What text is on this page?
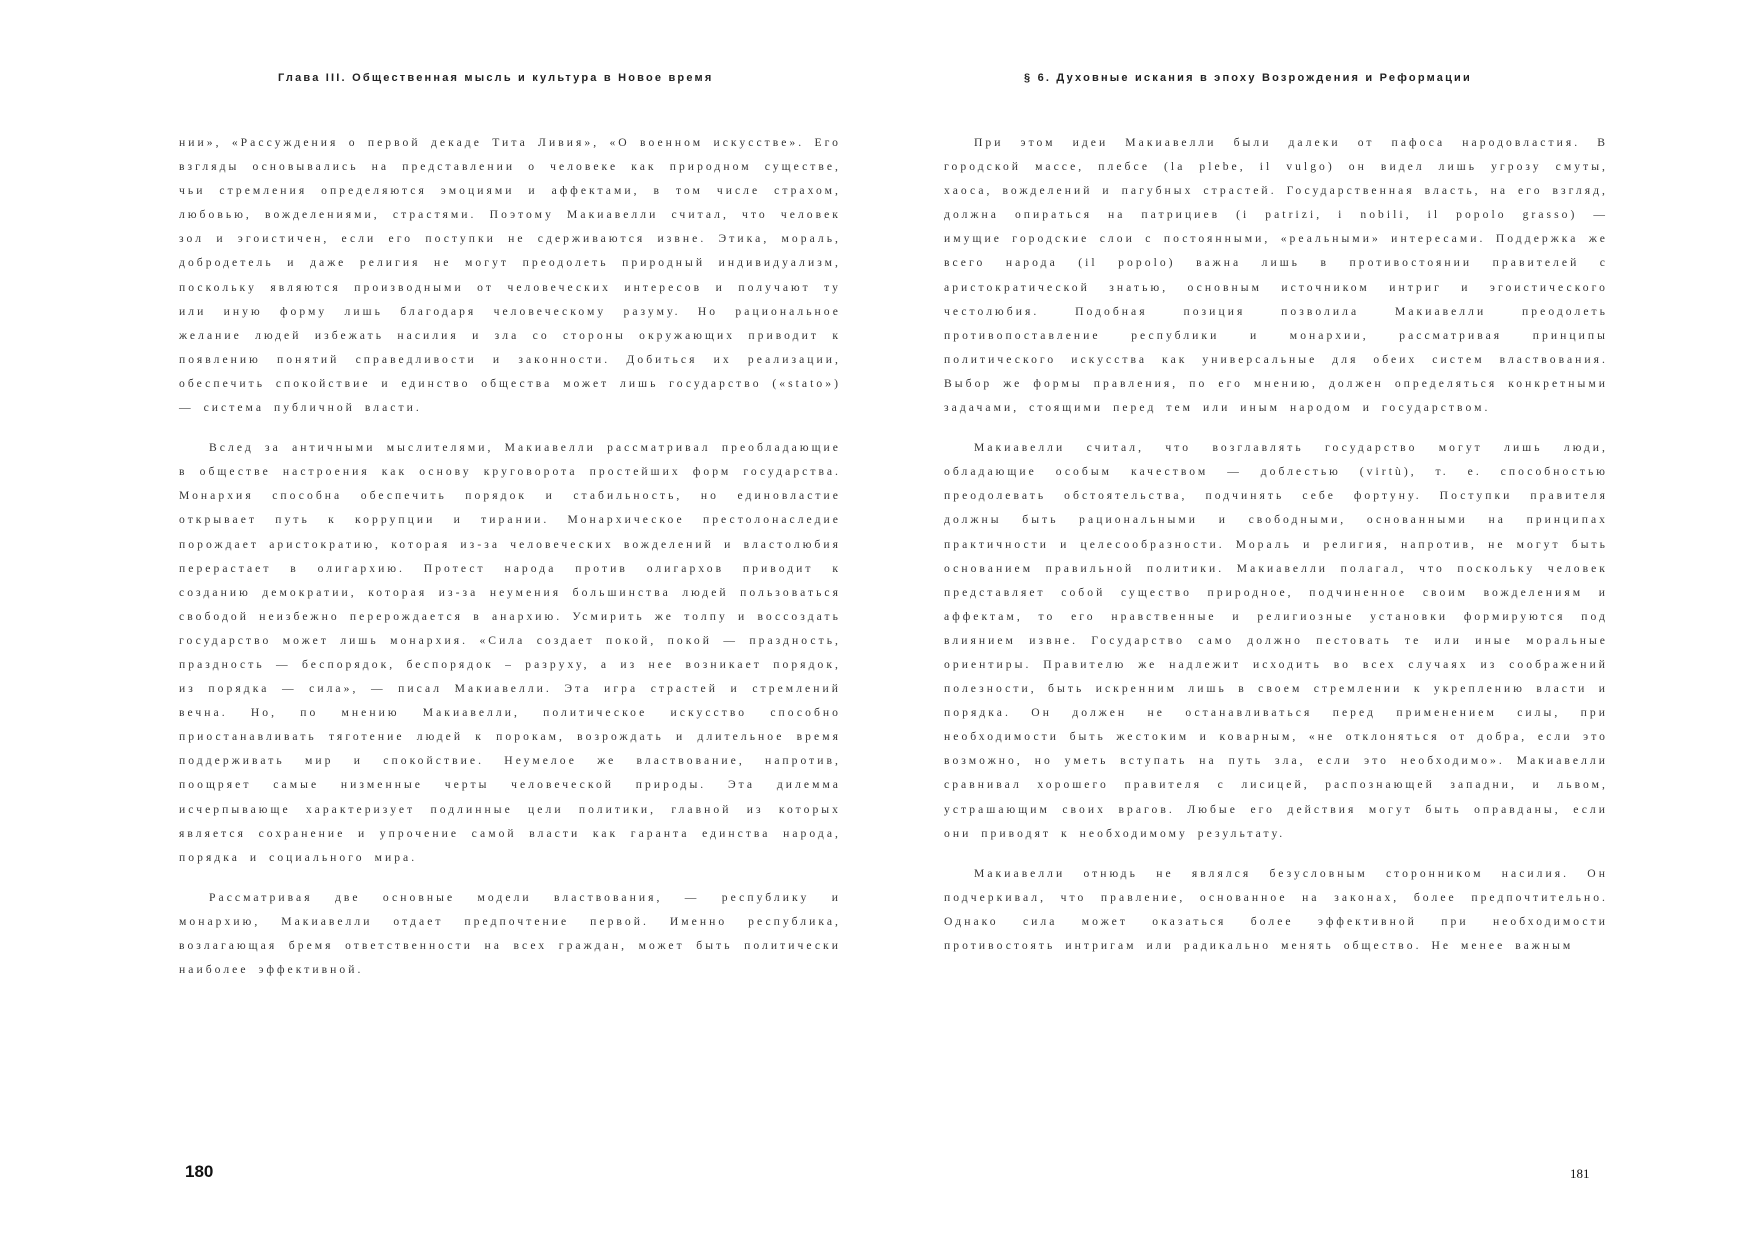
Глава III. Общественная мысль и культура в Новое время

нии», «Рассуждения о первой декаде Тита Ливия», «О военном искусстве». Его взгляды основывались на представлении о человеке как природном существе, чьи стремления определяются эмоциями и аффектами, в том числе страхом, любовью, вожделениями, страстями. Поэтому Макиавелли считал, что человек зол и эгоистичен, если его поступки не сдерживаются извне. Этика, мораль, добродетель и даже религия не могут преодолеть природный индивидуализм, поскольку являются производными от человеческих интересов и получают ту или иную форму лишь благодаря человеческому разуму. Но рациональное желание людей избежать насилия и зла со стороны окружающих приводит к появлению понятий справедливости и законности. Добиться их реализации, обеспечить спокойствие и единство общества может лишь государство («stato») — система публичной власти.

Вслед за античными мыслителями, Макиавелли рассматривал преобладающие в обществе настроения как основу круговорота простейших форм государства. Монархия способна обеспечить порядок и стабильность, но единовластие открывает путь к коррупции и тирании. Монархическое престолонаследие порождает аристократию, которая из-за человеческих вожделений и властолюбия перерастает в олигархию. Протест народа против олигархов приводит к созданию демократии, которая из-за неумения большинства людей пользоваться свободой неизбежно перерождается в анархию. Усмирить же толпу и воссоздать государство может лишь монархия. «Сила создает покой, покой — праздность, праздность — беспорядок, беспорядок – разруху, а из нее возникает порядок, из порядка — сила», — писал Макиавелли. Эта игра страстей и стремлений вечна. Но, по мнению Макиавелли, политическое искусство способно приостанавливать тяготение людей к порокам, возрождать и длительное время поддерживать мир и спокойствие. Неумелое же властвование, напротив, поощряет самые низменные черты человеческой природы. Эта дилемма исчерпывающе характеризует подлинные цели политики, главной из которых является сохранение и упрочение самой власти как гаранта единства народа, порядка и социального мира.

Рассматривая две основные модели властвования, — республику и монархию, Макиавелли отдает предпочтение первой. Именно республика, возлагающая бремя ответственности на всех граждан, может быть политически наиболее эффективной.

180
§ 6. Духовные искания в эпоху Возрождения и Реформации

При этом идеи Макиавелли были далеки от пафоса народовластия. В городской массе, плебсе (la plebe, il vulgo) он видел лишь угрозу смуты, хаоса, вожделений и пагубных страстей. Государственная власть, на его взгляд, должна опираться на патрициев (i patrizi, i nobili, il popolo grasso) — имущие городские слои с постоянными, «реальными» интересами. Поддержка же всего народа (il popolo) важна лишь в противостоянии правителей с аристократической знатью, основным источником интриг и эгоистического честолюбия. Подобная позиция позволила Макиавелли преодолеть противопоставление республики и монархии, рассматривая принципы политического искусства как универсальные для обеих систем властвования. Выбор же формы правления, по его мнению, должен определяться конкретными задачами, стоящими перед тем или иным народом и государством.

Макиавелли считал, что возглавлять государство могут лишь люди, обладающие особым качеством — доблестью (virtù), т. е. способностью преодолевать обстоятельства, подчинять себе фортуну. Поступки правителя должны быть рациональными и свободными, основанными на принципах практичности и целесообразности. Мораль и религия, напротив, не могут быть основанием правильной политики. Макиавелли полагал, что поскольку человек представляет собой существо природное, подчиненное своим вожделениям и аффектам, то его нравственные и религиозные установки формируются под влиянием извне. Государство само должно пестовать те или иные моральные ориентиры. Правителю же надлежит исходить во всех случаях из соображений полезности, быть искренним лишь в своем стремлении к укреплению власти и порядка. Он должен не останавливаться перед применением силы, при необходимости быть жестоким и коварным, «не отклоняться от добра, если это возможно, но уметь вступать на путь зла, если это необходимо». Макиавелли сравнивал хорошего правителя с лисицей, распознающей западни, и львом, устрашающим своих врагов. Любые его действия могут быть оправданы, если они приводят к необходимому результату.

Макиавелли отнюдь не являлся безусловным сторонником насилия. Он подчеркивал, что правление, основанное на законах, более предпочтительно. Однако сила может оказаться более эффективной при необходимости противостоять интригам или радикально менять общество. Не менее важным

181
